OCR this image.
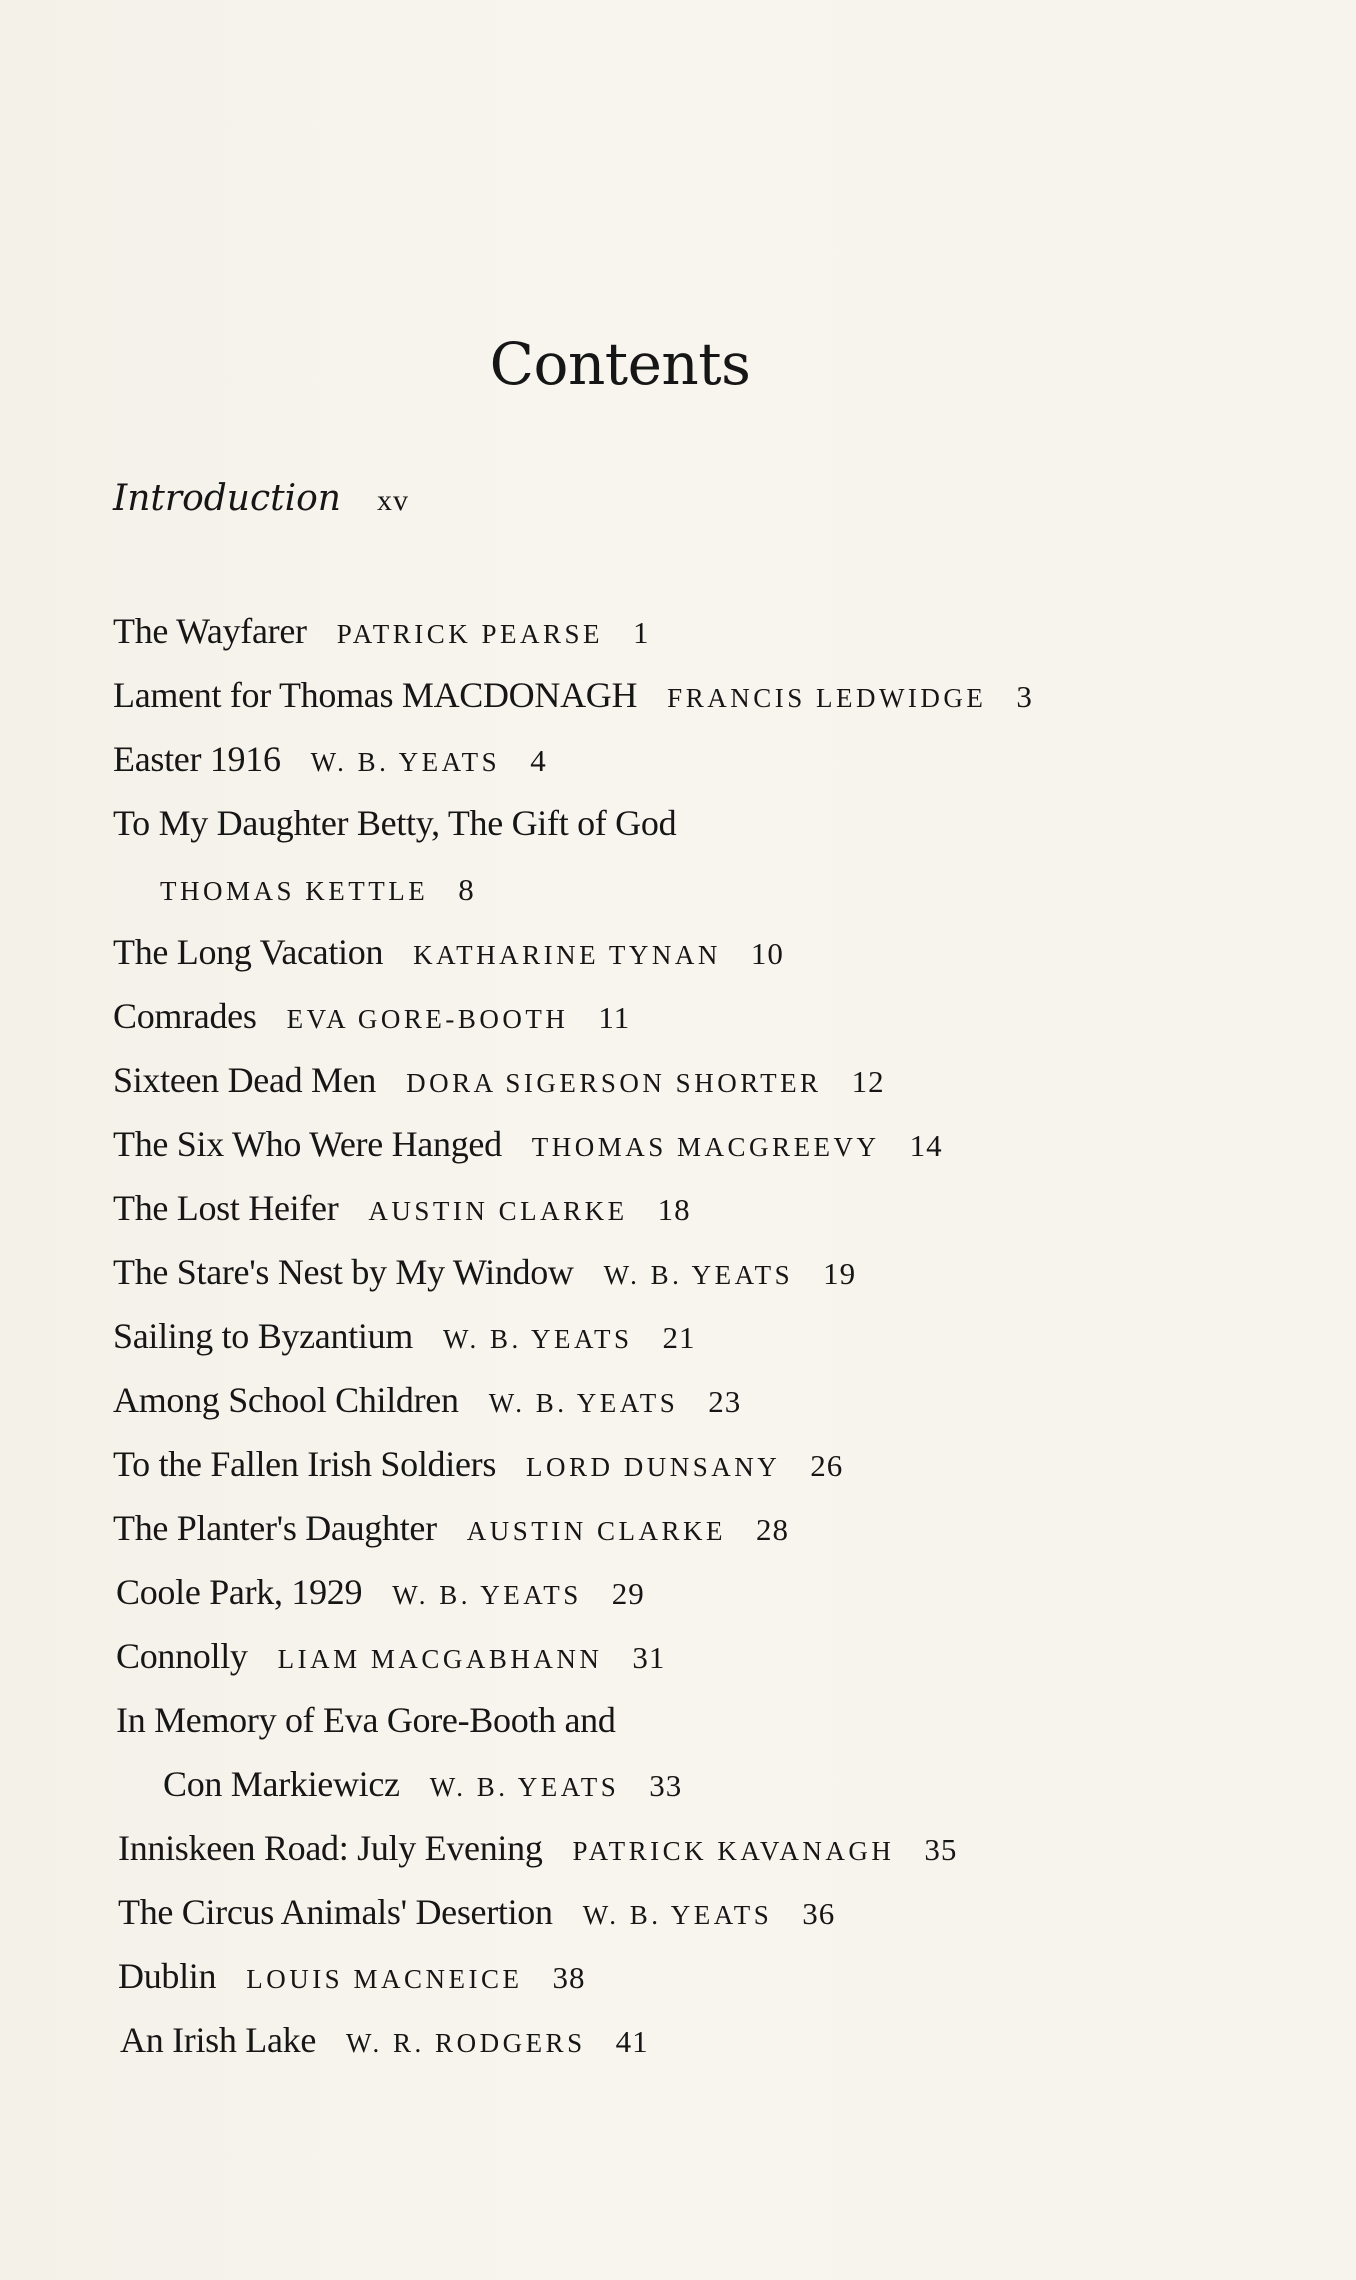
Contents
Introduction xv
The Wayfarer PATRICK PEARSE 1
Lament for Thomas MACDONAGH FRANCIS LEDWIDGE 3
Easter 1916 W. B. YEATS 4
To My Daughter Betty, The Gift of God
THOMAS KETTLE 8
The Long Vacation KATHARINE TYNAN 10
Comrades EVA GORE-BOOTH 11
Sixteen Dead Men DORA SIGERSON SHORTER 12
The Six Who Were Hanged THOMAS MACGREEVY 14
The Lost Heifer AUSTIN CLARKE 18
The Stare's Nest by My Window W. B. YEATS 19
Sailing to Byzantium W. B. YEATS 21
Among School Children W. B. YEATS 23
To the Fallen Irish Soldiers LORD DUNSANY 26
The Planter's Daughter AUSTIN CLARKE 28
Coole Park, 1929 W. B. YEATS 29
Connolly LIAM MACGABHANN 31
In Memory of Eva Gore-Booth and
Con Markiewicz W. B. YEATS 33
Inniskeen Road: July Evening PATRICK KAVANAGH 35
The Circus Animals' Desertion W. B. YEATS 36
Dublin LOUIS MACNEICE 38
An Irish Lake W. R. RODGERS 41
